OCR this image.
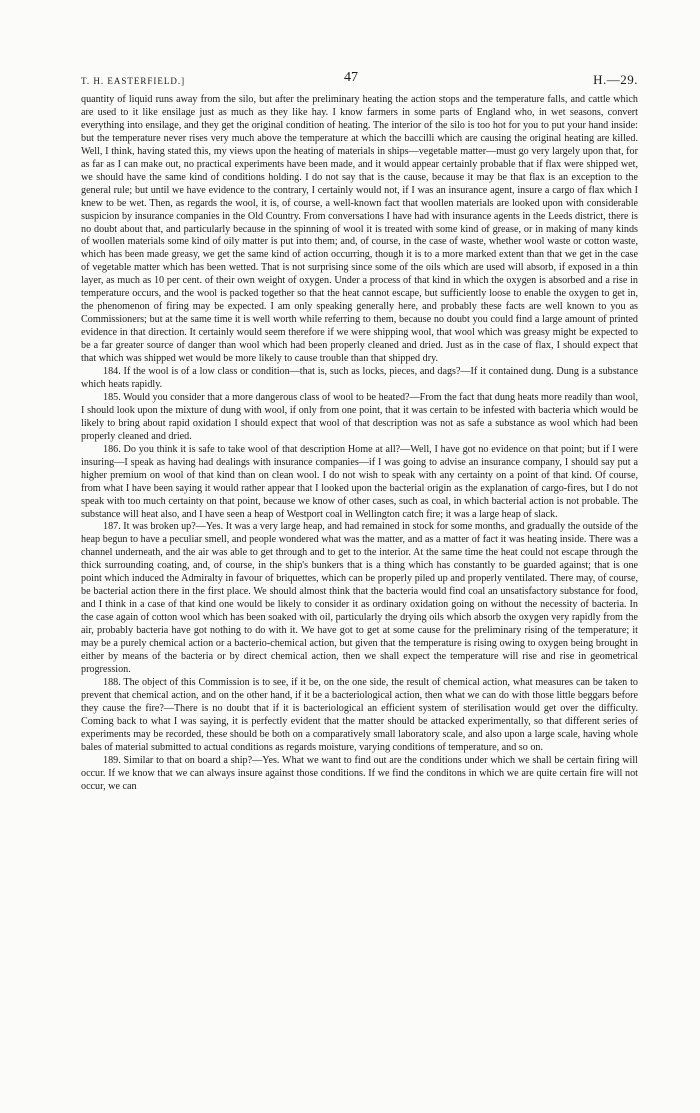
T. H. EASTERFIELD.]	47	H.—29.

quantity of liquid runs away from the silo, but after the preliminary heating the action stops and the temperature falls, and cattle which are used to it like ensilage just as much as they like hay. I know farmers in some parts of England who, in wet seasons, convert everything into ensilage, and they get the original condition of heating. The interior of the silo is too hot for you to put your hand inside: but the temperature never rises very much above the temperature at which the baccilli which are causing the original heating are killed. Well, I think, having stated this, my views upon the heating of materials in ships—vegetable matter—must go very largely upon that, for as far as I can make out, no practical experiments have been made, and it would appear certainly probable that if flax were shipped wet, we should have the same kind of conditions holding. I do not say that is the cause, because it may be that flax is an exception to the general rule; but until we have evidence to the contrary, I certainly would not, if I was an insurance agent, insure a cargo of flax which I knew to be wet. Then, as regards the wool, it is, of course, a well-known fact that woollen materials are looked upon with considerable suspicion by insurance companies in the Old Country. From conversations I have had with insurance agents in the Leeds district, there is no doubt about that, and particularly because in the spinning of wool it is treated with some kind of grease, or in making of many kinds of woollen materials some kind of oily matter is put into them; and, of course, in the case of waste, whether wool waste or cotton waste, which has been made greasy, we get the same kind of action occurring, though it is to a more marked extent than that we get in the case of vegetable matter which has been wetted. That is not surprising since some of the oils which are used will absorb, if exposed in a thin layer, as much as 10 per cent. of their own weight of oxygen. Under a process of that kind in which the oxygen is absorbed and a rise in temperature occurs, and the wool is packed together so that the heat cannot escape, but sufficiently loose to enable the oxygen to get in, the phenomenon of firing may be expected. I am only speaking generally here, and probably these facts are well known to you as Commissioners; but at the same time it is well worth while referring to them, because no doubt you could find a large amount of printed evidence in that direction. It certainly would seem therefore if we were shipping wool, that wool which was greasy might be expected to be a far greater source of danger than wool which had been properly cleaned and dried. Just as in the case of flax, I should expect that that which was shipped wet would be more likely to cause trouble than that shipped dry.

184. If the wool is of a low class or condition—that is, such as locks, pieces, and dags?—If it contained dung. Dung is a substance which heats rapidly.

185. Would you consider that a more dangerous class of wool to be heated?—From the fact that dung heats more readily than wool, I should look upon the mixture of dung with wool, if only from one point, that it was certain to be infested with bacteria which would be likely to bring about rapid oxidation I should expect that wool of that description was not as safe a substance as wool which had been properly cleaned and dried.

186. Do you think it is safe to take wool of that description Home at all?—Well, I have got no evidence on that point; but if I were insuring—I speak as having had dealings with insurance companies—if I was going to advise an insurance company, I should say put a higher premium on wool of that kind than on clean wool. I do not wish to speak with any certainty on a point of that kind. Of course, from what I have been saying it would rather appear that I looked upon the bacterial origin as the explanation of cargo-fires, but I do not speak with too much certainty on that point, because we know of other cases, such as coal, in which bacterial action is not probable. The substance will heat also, and I have seen a heap of Westport coal in Wellington catch fire; it was a large heap of slack.

187. It was broken up?—Yes. It was a very large heap, and had remained in stock for some months, and gradually the outside of the heap begun to have a peculiar smell, and people wondered what was the matter, and as a matter of fact it was heating inside. There was a channel underneath, and the air was able to get through and to get to the interior. At the same time the heat could not escape through the thick surrounding coating, and, of course, in the ship's bunkers that is a thing which has constantly to be guarded against; that is one point which induced the Admiralty in favour of briquettes, which can be properly piled up and properly ventilated. There may, of course, be bacterial action there in the first place. We should almost think that the bacteria would find coal an unsatisfactory substance for food, and I think in a case of that kind one would be likely to consider it as ordinary oxidation going on without the necessity of bacteria. In the case again of cotton wool which has been soaked with oil, particularly the drying oils which absorb the oxygen very rapidly from the air, probably bacteria have got nothing to do with it. We have got to get at some cause for the preliminary rising of the temperature; it may be a purely chemical action or a bacterio-chemical action, but given that the temperature is rising owing to oxygen being brought in either by means of the bacteria or by direct chemical action, then we shall expect the temperature will rise and rise in geometrical progression.

188. The object of this Commission is to see, if it be, on the one side, the result of chemical action, what measures can be taken to prevent that chemical action, and on the other hand, if it be a bacteriological action, then what we can do with those little beggars before they cause the fire?—There is no doubt that if it is bacteriological an efficient system of sterilisation would get over the difficulty. Coming back to what I was saying, it is perfectly evident that the matter should be attacked experimentally, so that different series of experiments may be recorded, these should be both on a comparatively small laboratory scale, and also upon a large scale, having whole bales of material submitted to actual conditions as regards moisture, varying conditions of temperature, and so on.

189. Similar to that on board a ship?—Yes. What we want to find out are the conditions under which we shall be certain firing will occur. If we know that we can always insure against those conditions. If we find the conditons in which we are quite certain fire will not occur, we can
